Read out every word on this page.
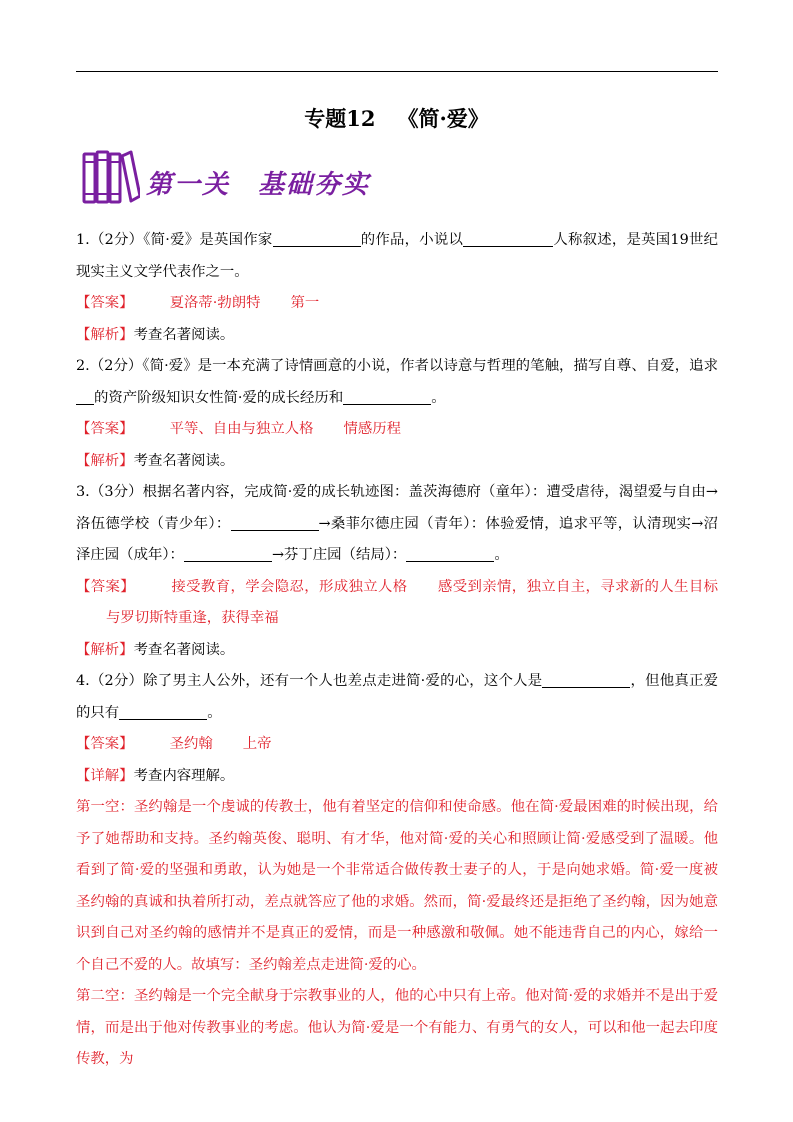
专题12 《简·爱》
第一关　基础夯实

1.（2分）《简·爱》是英国作家	的作品，小说以	人称叙述，是英国19世纪现实主义文学代表作之一。

【答案】	夏洛蒂·勃朗特 第一

【解析】考查名著阅读。

2.（2分）《简·爱》是一本充满了诗情画意的小说，作者以诗意与哲理的笔触，描写自尊、自爱，追求的资产阶级知识女性简·爱的成长经历和	。

【答案】	平等、自由与独立人格 情感历程

【解析】考查名著阅读。

3.（3分）根据名著内容，完成简·爱的成长轨迹图：盖茨海德府（童年）：遭受虐待，渴望爱与自由→洛伍德学校（青少年）：	→桑菲尔德庄园（青年）：体验爱情，追求平等，认清现实→沼泽庄园（成年）：	→芬丁庄园（结局）：	。

【答案】	接受教育，学会隐忍，形成独立人格 感受到亲情，独立自主，寻求新的人生目标与罗切斯特重逢，获得幸福

【解析】考查名著阅读。

4.（2分）除了男主人公外，还有一个人也差点走进简·爱的心，这个人是	，但他真正爱的只有	。

【答案】	圣约翰 上帝

【详解】考查内容理解。

第一空：圣约翰是一个虔诚的传教士，他有着坚定的信仰和使命感。他在简·爱最困难的时候出现，给予了她帮助和支持。圣约翰英俊、聪明、有才华，他对简·爱的关心和照顾让简·爱感受到了温暖。他看到了简·爱的坚强和勇敢，认为她是一个非常适合做传教士妻子的人，于是向她求婚。简·爱一度被圣约翰的真诚和执着所打动，差点就答应了他的求婚。然而，简·爱最终还是拒绝了圣约翰，因为她意识到自己对圣约翰的感情并不是真正的爱情，而是一种感激和敬佩。她不能违背自己的内心，嫁给一个自己不爱的人。故填写：圣约翰差点走进简·爱的心。

第二空：圣约翰是一个完全献身于宗教事业的人，他的心中只有上帝。他对简·爱的求婚并不是出于爱情，而是出于他对传教事业的考虑。他认为简·爱是一个有能力、有勇气的女人，可以和他一起去印度传教，为
